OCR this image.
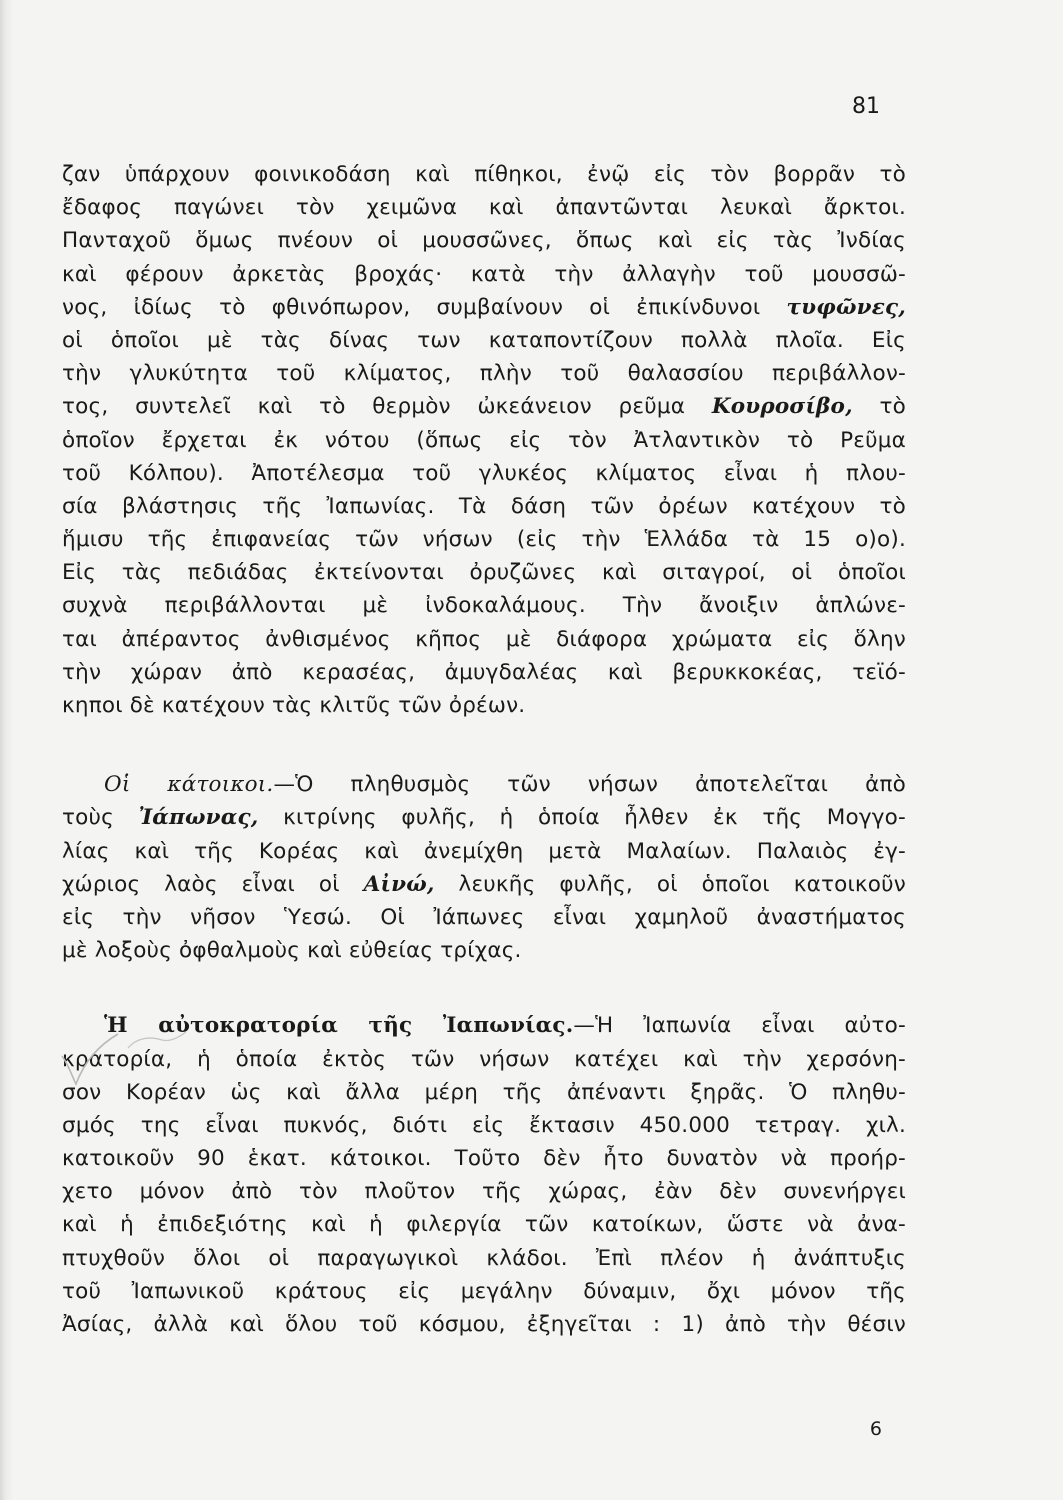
81
ζαν ὑπάρχουν φοινικοδάση καὶ πίθηκοι, ἐνῷ εἰς τὸν βορρᾶν τὸ
ἔδαφος παγώνει τὸν χειμῶνα καὶ ἀπαντῶνται λευκαὶ ἄρκτοι.
Πανταχοῦ ὅμως πνέουν οἱ μουσσῶνες, ὅπως καὶ εἰς τὰς Ἰνδίας
καὶ φέρουν ἀρκετὰς βροχάς· κατὰ τὴν ἀλλαγὴν τοῦ μουσσῶ-
νος, ἰδίως τὸ φθινόπωρον, συμβαίνουν οἱ ἐπικίνδυνοι τυφῶνες,
οἱ ὁποῖοι μὲ τὰς δίνας των καταποντίζουν πολλὰ πλοῖα. Εἰς
τὴν γλυκύτητα τοῦ κλίματος, πλὴν τοῦ θαλασσίου περιβάλλον-
τος, συντελεῖ καὶ τὸ θερμὸν ὠκεάνειον ρεῦμα Κουροσίβο, τὸ
ὁποῖον ἔρχεται ἐκ νότου (ὅπως εἰς τὸν Ἀτλαντικὸν τὸ Ρεῦμα
τοῦ Κόλπου). Ἀποτέλεσμα τοῦ γλυκέος κλίματος εἶναι ἡ πλου-
σία βλάστησις τῆς Ἰαπωνίας. Τὰ δάση τῶν ὀρέων κατέχουν τὸ
ἥμισυ τῆς ἐπιφανείας τῶν νήσων (εἰς τὴν Ἑλλάδα τὰ 15 ο)ο).
Εἰς τὰς πεδιάδας ἐκτείνονται ὀρυζῶνες καὶ σιταγροί, οἱ ὁποῖοι
συχνὰ περιβάλλονται μὲ ἰνδοκαλάμους. Τὴν ἄνοιξιν ἁπλώνε-
ται ἀπέραντος ἀνθισμένος κῆπος μὲ διάφορα χρώματα εἰς ὅλην
τὴν χώραν ἀπὸ κερασέας, ἀμυγδαλέας καὶ βερυκκοκέας, τεϊό-
κηποι δὲ κατέχουν τὰς κλιτῦς τῶν ὀρέων.
Οἱ κάτοικοι.—Ὁ πληθυσμὸς τῶν νήσων ἀποτελεῖται ἀπὸ
τοὺς Ἰάπωνας, κιτρίνης φυλῆς, ἡ ὁποία ἦλθεν ἐκ τῆς Μογγο-
λίας καὶ τῆς Κορέας καὶ ἀνεμίχθη μετὰ Μαλαίων. Παλαιὸς ἐγ-
χώριος λαὸς εἶναι οἱ Αἰνώ, λευκῆς φυλῆς, οἱ ὁποῖοι κατοικοῦν
εἰς τὴν νῆσον Ὑεσώ. Οἱ Ἰάπωνες εἶναι χαμηλοῦ ἀναστήματος
μὲ λοξοὺς ὀφθαλμοὺς καὶ εὐθείας τρίχας.
Ἡ αὐτοκρατορία τῆς Ἰαπωνίας.—Ἡ Ἰαπωνία εἶναι αὐτο-
κρατορία, ἡ ὁποία ἐκτὸς τῶν νήσων κατέχει καὶ τὴν χερσόνη-
σον Κορέαν ὡς καὶ ἄλλα μέρη τῆς ἀπέναντι ξηρᾶς. Ὁ πληθυ-
σμός της εἶναι πυκνός, διότι εἰς ἔκτασιν 450.000 τετραγ. χιλ.
κατοικοῦν 90 ἑκατ. κάτοικοι. Τοῦτο δὲν ἦτο δυνατὸν νὰ προήρ-
χετο μόνον ἀπὸ τὸν πλοῦτον τῆς χώρας, ἐὰν δὲν συνενήργει
καὶ ἡ ἐπιδεξιότης καὶ ἡ φιλεργία τῶν κατοίκων, ὥστε νὰ ἀνα-
πτυχθοῦν ὅλοι οἱ παραγωγικοὶ κλάδοι. Ἐπὶ πλέον ἡ ἀνάπτυξις
τοῦ Ἰαπωνικοῦ κράτους εἰς μεγάλην δύναμιν, ὄχι μόνον τῆς
Ἀσίας, ἀλλὰ καὶ ὅλου τοῦ κόσμου, ἐξηγεῖται : 1) ἀπὸ τὴν θέσιν
6
